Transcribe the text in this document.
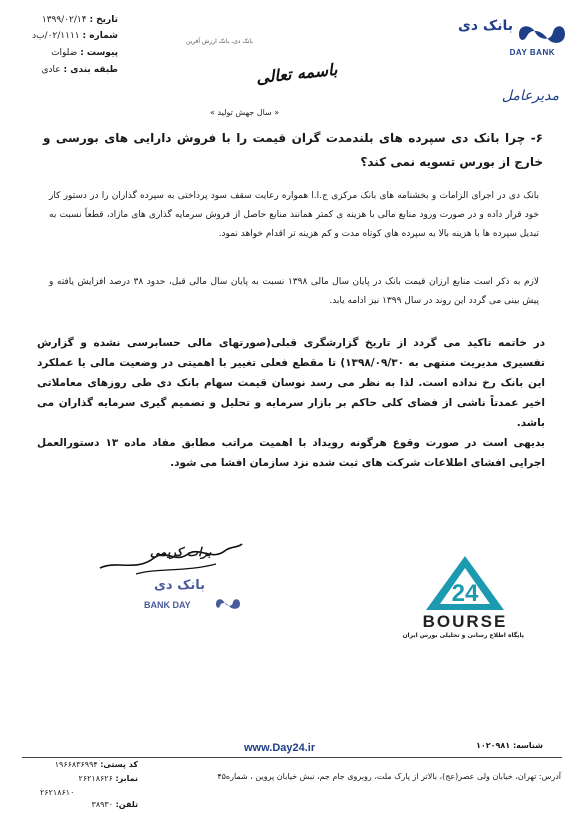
تاریخ : ۱۳۹۹/۰۲/۱۴
شماره : ۰۲/۱۱۱۱/ب‌د
پیوست : ضلوات
طبقه بندی : عادی
بانک دی، بانک ارزش آفرین
بانک دی
DAY BANK
مدیرعامل
باسمه تعالی
« سال جهش تولید »
۶- چرا بانک دی سپرده های بلندمدت گران قیمت را با فروش دارایی های بورسی و خارج از بورس تسویه نمی کند؟
بانک دی در اجرای الزامات و بخشنامه های بانک مرکزی ج.ا.ا همواره رعایت سقف سود پرداختی به سپرده گذاران را در دستور کار خود قرار داده و در صورت ورود منابع مالی با هزینه ی کمتر همانند منابع حاصل از فروش سرمایه گذاری های مازاد، قطعاً نسبت به تبدیل سپرده ها با هزینه بالا به سپرده های کوتاه مدت و کم هزینه تر اقدام خواهد نمود.
لازم به ذکر است منابع ارزان قیمت بانک در پایان سال مالی ۱۳۹۸ نسبت به پایان سال مالی قبل، حدود ۳۸ درصد افزایش یافته و پیش بینی می گردد این روند در سال ۱۳۹۹ نیز ادامه یابد.
در خاتمه تاکید می گردد از تاریخ گزارشگری قبلی(صورتهای مالی حسابرسی نشده و گزارش تفسیری مدیریت منتهی به ۱۳۹۸/۰۹/۳۰) تا مقطع فعلی تغییر با اهمیتی در وضعیت مالی یا عملکرد این بانک رخ نداده است. لذا به نظر می رسد نوسان قیمت سهام بانک دی طی روزهای معاملاتی اخیر عمدتاً ناشی از فضای کلی حاکم بر بازار سرمایه و تحلیل و تصمیم گیری سرمایه گذاران می باشد.
بدیهی است در صورت وقوع هرگونه رویداد با اهمیت مراتب مطابق مفاد ماده ۱۳ دستورالعمل اجرایی افشای اطلاعات شرکت های ثبت شده نزد سازمان افشا می شود.
برات کریمی
بانک دی
BANK DAY	24
BOURSE
پایگاه اطلاع رسانی و تحلیلی بورس ایران
www.Day24.ir	شناسه: ۱۰۲۰۹۸۱
آدرس: تهران، خیابان ولی عصر(عج)، بالاتر از پارک ملت، روبروی جام جم، نبش خیابان پروین ، شماره۴۵
کد پستی: ۱۹۶۶۸۳۶۹۹۴
نمابر: ۲۶۲۱۸۶۲۶
۲۶۲۱۸۶۱۰
تلفن: ۳۸۹۳۰
